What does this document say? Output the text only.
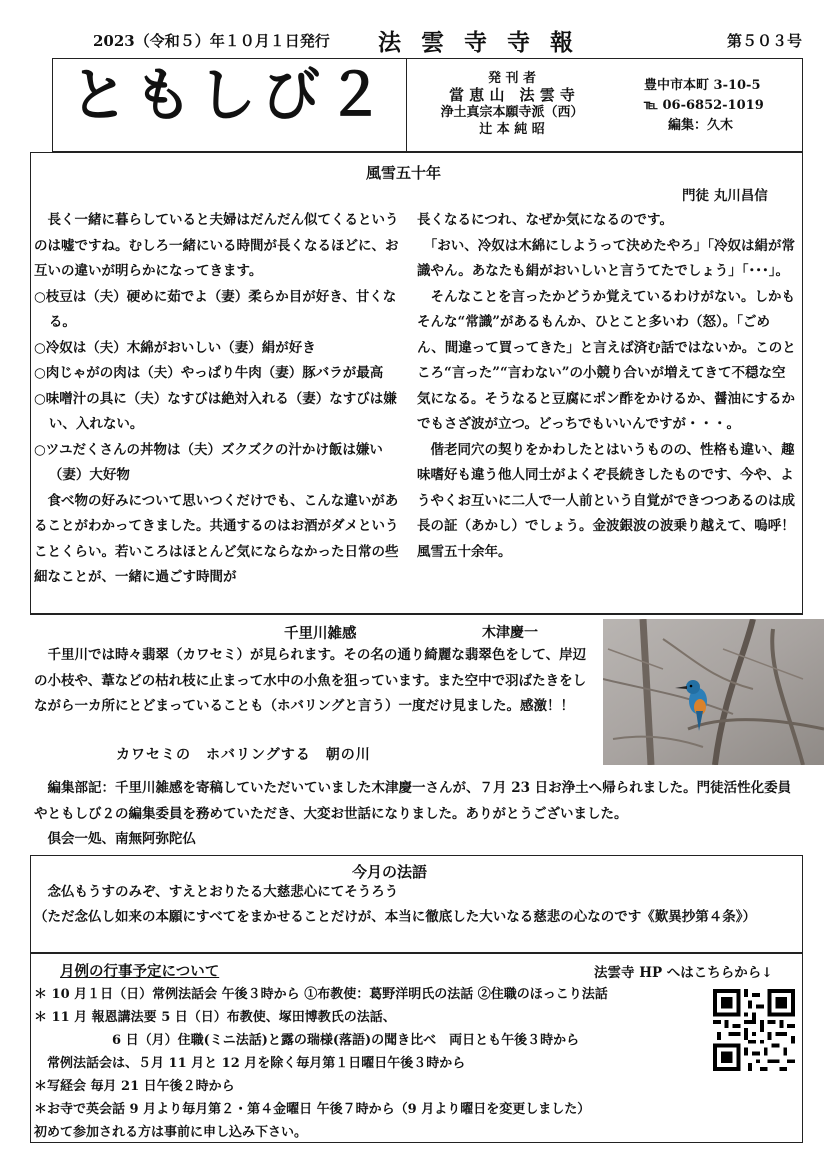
2023（令和５）年１０月１日発行 法 雲 寺 寺 報	第５０３号
ともしび２	発 刊 者
當 恵 山　法 雲 寺
浄土真宗本願寺派（西）
辻 本 純 昭
豊中市本町 3-10-5
℡ 06-6852-1019
編集：久木
風雪五十年
門徒 丸川昌信

　長く一緒に暮らしていると夫婦はだんだん似てくるというのは嘘ですね。むしろ一緒にいる時間が長くなるほどに、お互いの違いが明らかになってきます。

○枝豆は（夫）硬めに茹でよ（妻）柔らか目が好き、甘くなる。

○冷奴は（夫）木綿がおいしい（妻）絹が好き

○肉じゃがの肉は（夫）やっぱり牛肉（妻）豚バラが最高

○味噌汁の具に（夫）なすびは絶対入れる（妻）なすびは嫌い、入れない。

○ツユだくさんの丼物は（夫）ズクズクの汁かけ飯は嫌い（妻）大好物

　食べ物の好みについて思いつくだけでも、こんな違いがあることがわかってきました。共通するのはお酒がダメということくらい。若いころはほとんど気にならなかった日常の些細なことが、一緒に過ごす時間が

長くなるにつれ、なぜか気になるのです。

　「おい、冷奴は木綿にしようって決めたやろ」「冷奴は絹が常識やん。あなたも絹がおいしいと言うてたでしょう」「･･･」。

　そんなことを言ったかどうか覚えているわけがない。しかもそんな“常識”があるもんか、ひとこと多いわ（怒）。「ごめん、間違って買ってきた」と言えば済む話ではないか。このところ“言った”“言わない”の小競り合いが増えてきて不穏な空気になる。そうなると豆腐にポン酢をかけるか、醤油にするかでもさざ波が立つ。どっちでもいいんですが・・・。

　偕老同穴の契りをかわしたとはいうものの、性格も違い、趣味嗜好も違う他人同士がよくぞ長続きしたものです、今や、ようやくお互いに二人で一人前という自覚ができつつあるのは成長の証（あかし）でしょう。金波銀波の波乗り越えて、嗚呼！風雪五十余年。

千里川雑感	木津慶一
　千里川では時々翡翠（カワセミ）が見られます。その名の通り綺麗な翡翠色をして、岸辺の小枝や、葦などの枯れ枝に止まって水中の小魚を狙っています。また空中で羽ばたきをしながら一カ所にとどまっていることも（ホバリングと言う）一度だけ見ました。感激！！
カワセミの　ホバリングする　朝の川
　編集部記：千里川雑感を寄稿していただいていました木津慶一さんが、７月 23 日お浄土へ帰られました。門徒活性化委員やともしび２の編集委員を務めていただき、大変お世話になりました。ありがとうございました。
　倶会一処、南無阿弥陀仏
今月の法語
　念仏もうすのみぞ、すえとおりたる大慈悲心にてそうろう
（ただ念仏し如来の本願にすべてをまかせることだけが、本当に徹底した大いなる慈悲の心なのです《歎異抄第４条》）
月例の行事予定について	法雲寺 HP へはこちらから↓
＊ 10 月１日（日）常例法話会 午後３時から ①布教使：葛野洋明氏の法話 ②住職のほっこり法話
＊ 11 月 報恩講法要 5 日（日）布教使、塚田博教氏の法話、
　　　　　　6 日（月）住職(ミニ法話)と露の瑞様(落語)の聞き比べ　両日とも午後３時から
　常例法話会は、５月 11 月と 12 月を除く毎月第１日曜日午後３時から
＊写経会 毎月 21 日午後２時から
＊お寺で英会話 9 月より毎月第２・第４金曜日 午後７時から（9 月より曜日を変更しました）
初めて参加される方は事前に申し込み下さい。
